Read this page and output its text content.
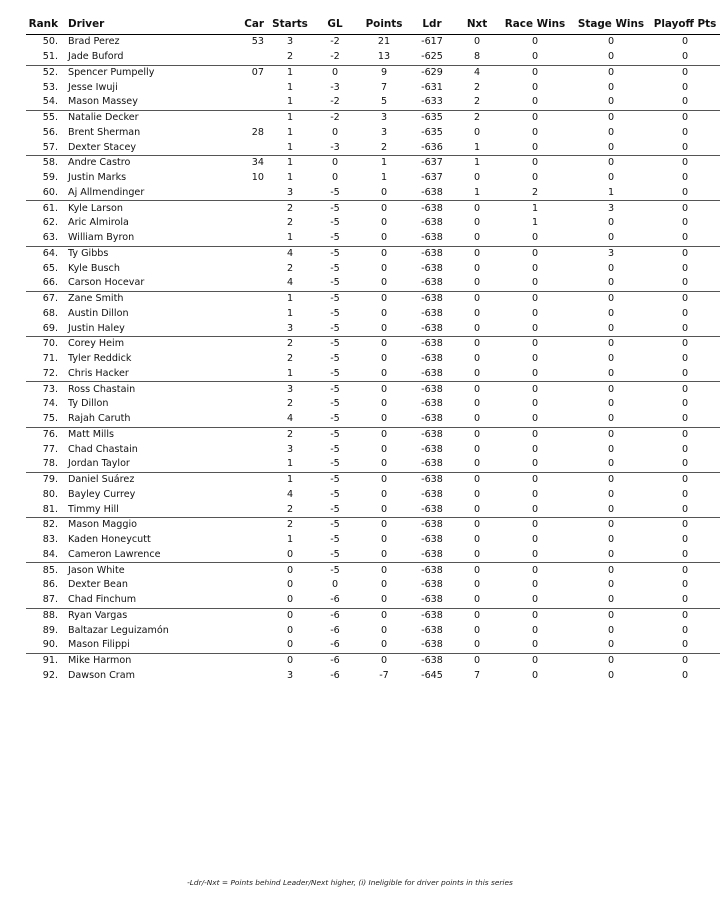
Rank	Driver	Car	Starts	GL	Points	Ldr	Nxt	Race Wins	Stage Wins	Playoff Pts
50.	Brad Perez	53	3	-2	21	-617	0	0	0	0
51.	Jade Buford		2	-2	13	-625	8	0	0	0
52.	Spencer Pumpelly	07	1	0	9	-629	4	0	0	0
53.	Jesse Iwuji		1	-3	7	-631	2	0	0	0
54.	Mason Massey		1	-2	5	-633	2	0	0	0
55.	Natalie Decker		1	-2	3	-635	2	0	0	0
56.	Brent Sherman	28	1	0	3	-635	0	0	0	0
57.	Dexter Stacey		1	-3	2	-636	1	0	0	0
58.	Andre Castro	34	1	0	1	-637	1	0	0	0
59.	Justin Marks	10	1	0	1	-637	0	0	0	0
60.	Aj Allmendinger		3	-5	0	-638	1	2	1	0
61.	Kyle Larson		2	-5	0	-638	0	1	3	0
62.	Aric Almirola		2	-5	0	-638	0	1	0	0
63.	William Byron		1	-5	0	-638	0	0	0	0
64.	Ty Gibbs		4	-5	0	-638	0	0	3	0
65.	Kyle Busch		2	-5	0	-638	0	0	0	0
66.	Carson Hocevar		4	-5	0	-638	0	0	0	0
67.	Zane Smith		1	-5	0	-638	0	0	0	0
68.	Austin Dillon		1	-5	0	-638	0	0	0	0
69.	Justin Haley		3	-5	0	-638	0	0	0	0
70.	Corey Heim		2	-5	0	-638	0	0	0	0
71.	Tyler Reddick		2	-5	0	-638	0	0	0	0
72.	Chris Hacker		1	-5	0	-638	0	0	0	0
73.	Ross Chastain		3	-5	0	-638	0	0	0	0
74.	Ty Dillon		2	-5	0	-638	0	0	0	0
75.	Rajah Caruth		4	-5	0	-638	0	0	0	0
76.	Matt Mills		2	-5	0	-638	0	0	0	0
77.	Chad Chastain		3	-5	0	-638	0	0	0	0
78.	Jordan Taylor		1	-5	0	-638	0	0	0	0
79.	Daniel Suárez		1	-5	0	-638	0	0	0	0
80.	Bayley Currey		4	-5	0	-638	0	0	0	0
81.	Timmy Hill		2	-5	0	-638	0	0	0	0
82.	Mason Maggio		2	-5	0	-638	0	0	0	0
83.	Kaden Honeycutt		1	-5	0	-638	0	0	0	0
84.	Cameron Lawrence		0	-5	0	-638	0	0	0	0
85.	Jason White		0	-5	0	-638	0	0	0	0
86.	Dexter Bean		0	0	0	-638	0	0	0	0
87.	Chad Finchum		0	-6	0	-638	0	0	0	0
88.	Ryan Vargas		0	-6	0	-638	0	0	0	0
89.	Baltazar Leguizamón		0	-6	0	-638	0	0	0	0
90.	Mason Filippi		0	-6	0	-638	0	0	0	0
91.	Mike Harmon		0	-6	0	-638	0	0	0	0
92.	Dawson Cram		3	-6	-7	-645	7	0	0	0
-Ldr/-Nxt = Points behind Leader/Next higher, (i) Ineligible for driver points in this series
